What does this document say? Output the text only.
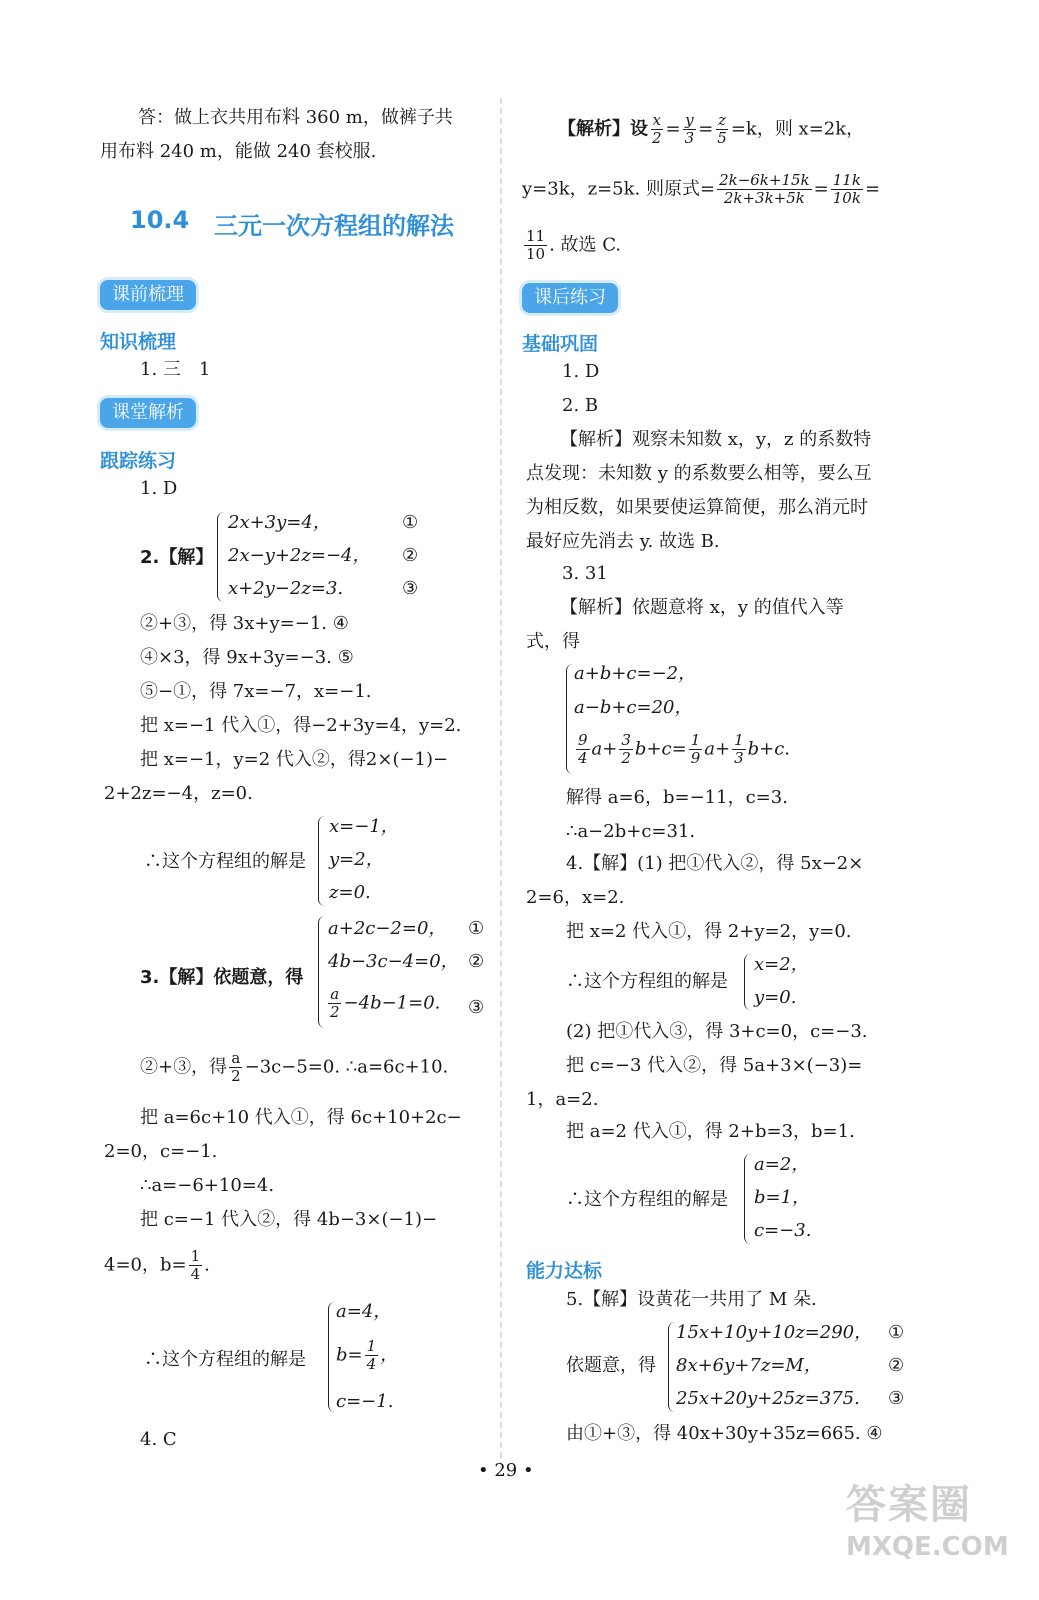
答：做上衣共用布料 360 m，做裤子共
用布料 240 m，能做 240 套校服.
10.4 三元一次方程组的解法
课前梳理
知识梳理
1. 三　1
课堂解析
跟踪练习
1. D
2.【解】
2x+3y=4，
2x−y+2z=−4，
x+2y−2z=3.
①
②
③
②+③，得 3x+y=−1. ④
④×3，得 9x+3y=−3. ⑤
⑤−①，得 7x=−7，x=−1.
把 x=−1 代入①，得−2+3y=4，y=2.
把 x=−1，y=2 代入②，得2×(−1)−
2+2z=−4，z=0.
∴这个方程组的解是
x=−1，
y=2，
z=0.
3.【解】依题意，得
a+2c−2=0，
4b−3c−4=0，
$\frac{a}{2} -4b-1=0$.
①
②
③
②+③，得 $\frac{a}{2} -3c-5=0$. ∴a=6c+10.
把 a=6c+10 代入①，得 6c+10+2c−
2=0，c=−1.
∴a=−6+10=4.
把 c=−1 代入②，得 4b−3×(−1)−
4=0，$b= \frac{1}{4}$ .
∴这个方程组的解是
a=4，
$b= \frac{1}{4}$ ，
c=−1.
4. C
【解析】设 $\frac{x}{2} = \frac{y}{3} = \frac{z}{5} =k$，则 x=2k，
y=3k，z=5k. 则原式= $\frac{2k-6k+15k}{2k+3k+5k} = \frac{11k}{10k}$ =
$\frac{11}{10}$ . 故选 C.
课后练习
基础巩固
1. D
2. B
【解析】观察未知数 x，y，z 的系数特
点发现：未知数 y 的系数要么相等，要么互
为相反数，如果要使运算简便，那么消元时
最好应先消去 y. 故选 B.
3. 31
【解析】依题意将 x，y 的值代入等
式，得
a+b+c=−2，
a−b+c=20，
$\frac{9}{4} a+ \frac{3}{2} b+c= \frac{1}{9} a+ \frac{1}{3} b+c$.
解得 a=6，b=−11，c=3.
∴a−2b+c=31.
4.【解】(1) 把①代入②，得 5x−2×
2=6，x=2.
把 x=2 代入①，得 2+y=2，y=0.
∴这个方程组的解是
x=2，
y=0.
(2) 把①代入③，得 3+c=0，c=−3.
把 c=−3 代入②，得 5a+3×(−3)=
1，a=2.
把 a=2 代入①，得 2+b=3，b=1.
∴这个方程组的解是
a=2，
b=1，
c=−3.
能力达标
5.【解】设黄花一共用了 M 朵.
依题意，得
15x+10y+10z=290，
8x+6y+7z=M，
25x+20y+25z=375.
①
②
③
由①+③，得 40x+30y+35z=665. ④
• 29 •
答案圈
MXQE.COM
